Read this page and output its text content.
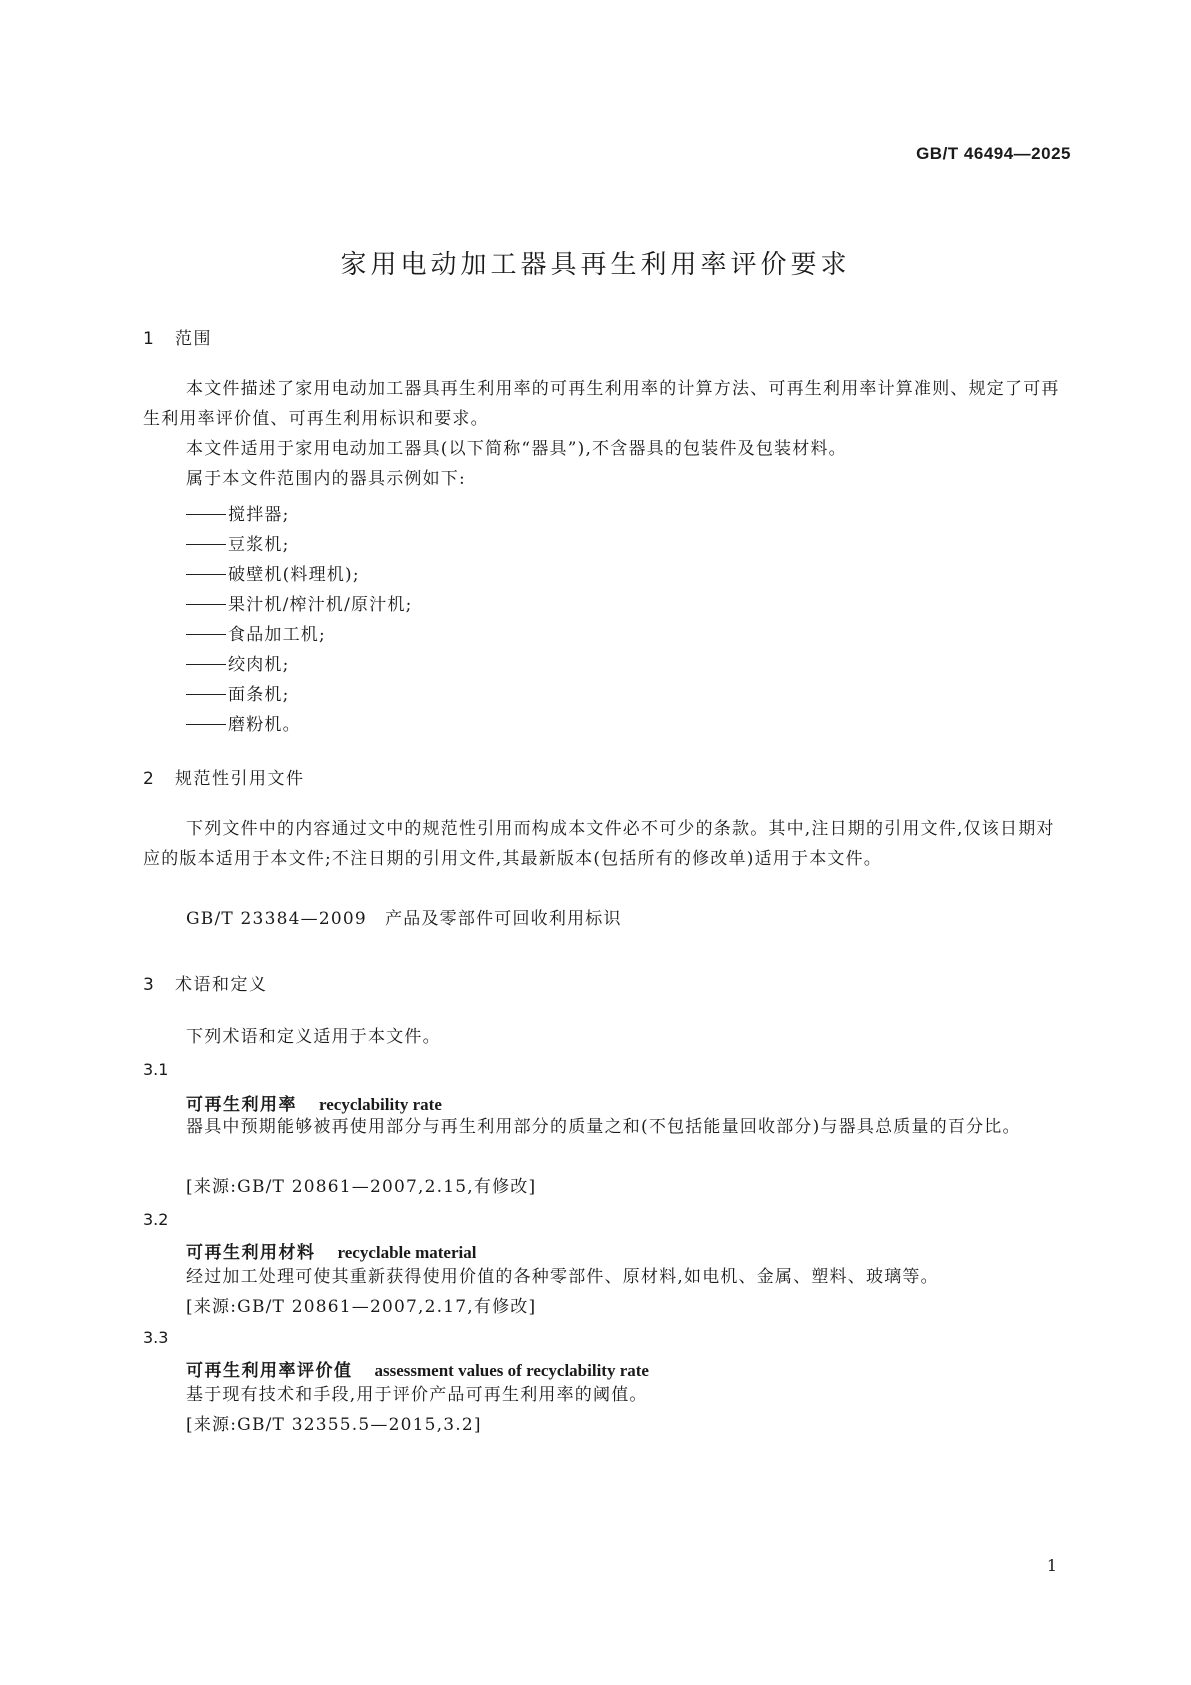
GB/T 46494—2025
家用电动加工器具再生利用率评价要求
1 范围
本文件描述了家用电动加工器具再生利用率的可再生利用率的计算方法、可再生利用率计算准则、规定了可再生利用率评价值、可再生利用标识和要求。
本文件适用于家用电动加工器具(以下简称“器具”),不含器具的包装件及包装材料。
属于本文件范围内的器具示例如下:
搅拌器;
豆浆机;
破壁机(料理机);
果汁机/榨汁机/原汁机;
食品加工机;
绞肉机;
面条机;
磨粉机。
2 规范性引用文件
下列文件中的内容通过文中的规范性引用而构成本文件必不可少的条款。其中,注日期的引用文件,仅该日期对应的版本适用于本文件;不注日期的引用文件,其最新版本(包括所有的修改单)适用于本文件。
GB/T 23384—2009　产品及零部件可回收利用标识
3 术语和定义
下列术语和定义适用于本文件。
3.1
可再生利用率 recyclability rate
器具中预期能够被再使用部分与再生利用部分的质量之和(不包括能量回收部分)与器具总质量的百分比。
[来源:GB/T 20861—2007,2.15,有修改]
3.2
可再生利用材料 recyclable material
经过加工处理可使其重新获得使用价值的各种零部件、原材料,如电机、金属、塑料、玻璃等。
[来源:GB/T 20861—2007,2.17,有修改]
3.3
可再生利用率评价值 assessment values of recyclability rate
基于现有技术和手段,用于评价产品可再生利用率的阈值。
[来源:GB/T 32355.5—2015,3.2]
1
